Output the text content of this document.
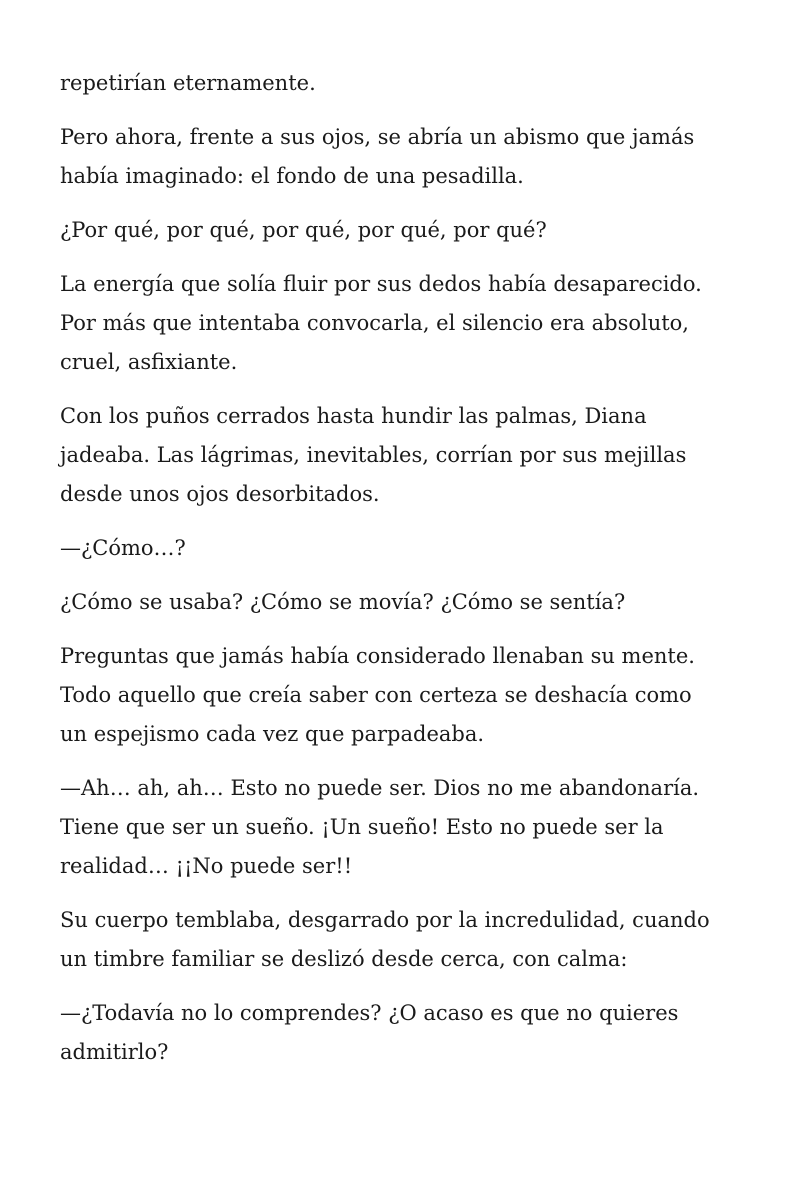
repetirían eternamente.

Pero ahora, frente a sus ojos, se abría un abismo que jamás
había imaginado: el fondo de una pesadilla.

¿Por qué, por qué, por qué, por qué, por qué?

La energía que solía fluir por sus dedos había desaparecido.
Por más que intentaba convocarla, el silencio era absoluto,
cruel, asfixiante.

Con los puños cerrados hasta hundir las palmas, Diana
jadeaba. Las lágrimas, inevitables, corrían por sus mejillas
desde unos ojos desorbitados.

—¿Cómo…?

¿Cómo se usaba? ¿Cómo se movía? ¿Cómo se sentía?

Preguntas que jamás había considerado llenaban su mente.
Todo aquello que creía saber con certeza se deshacía como
un espejismo cada vez que parpadeaba.

—Ah… ah, ah… Esto no puede ser. Dios no me abandonaría.
Tiene que ser un sueño. ¡Un sueño! Esto no puede ser la
realidad… ¡¡No puede ser!!

Su cuerpo temblaba, desgarrado por la incredulidad, cuando
un timbre familiar se deslizó desde cerca, con calma:

—¿Todavía no lo comprendes? ¿O acaso es que no quieres
admitirlo?
